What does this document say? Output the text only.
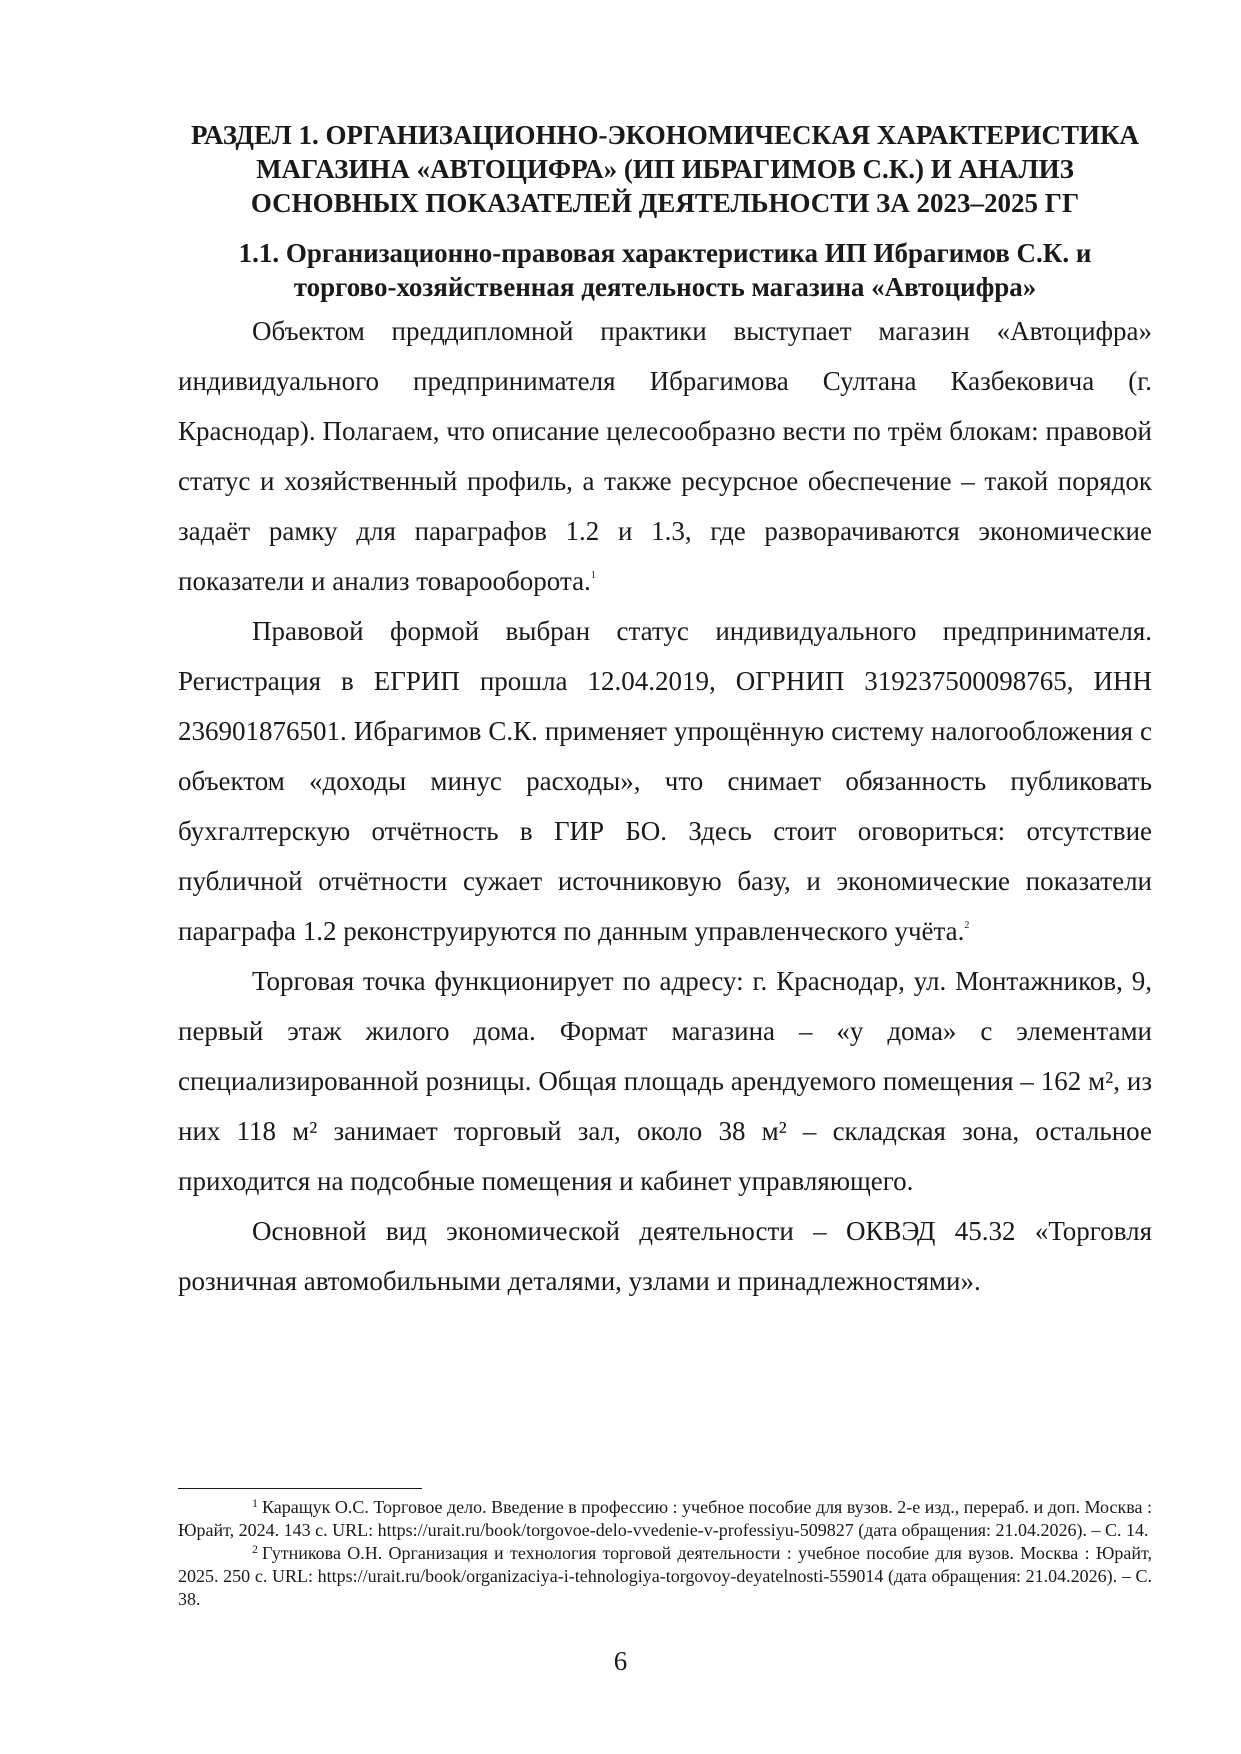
РАЗДЕЛ 1. ОРГАНИЗАЦИОННО-ЭКОНОМИЧЕСКАЯ ХАРАКТЕРИСТИКА МАГАЗИНА «АВТОЦИФРА» (ИП ИБРАГИМОВ С.К.) И АНАЛИЗ ОСНОВНЫХ ПОКАЗАТЕЛЕЙ ДЕЯТЕЛЬНОСТИ ЗА 2023–2025 ГГ
1.1. Организационно-правовая характеристика ИП Ибрагимов С.К. и торгово-хозяйственная деятельность магазина «Автоцифра»

Объектом преддипломной практики выступает магазин «Автоцифра» индивидуального предпринимателя Ибрагимова Султана Казбековича (г. Краснодар). Полагаем, что описание целесообразно вести по трём блокам: правовой статус и хозяйственный профиль, а также ресурсное обеспечение – такой порядок задаёт рамку для параграфов 1.2 и 1.3, где разворачиваются экономические показатели и анализ товарооборота.$^1$

Правовой формой выбран статус индивидуального предпринимателя. Регистрация в ЕГРИП прошла 12.04.2019, ОГРНИП 319237500098765, ИНН 236901876501. Ибрагимов С.К. применяет упрощённую систему налогообложения с объектом «доходы минус расходы», что снимает обязанность публиковать бухгалтерскую отчётность в ГИР БО. Здесь стоит оговориться: отсутствие публичной отчётности сужает источниковую базу, и экономические показатели параграфа 1.2 реконструируются по данным управленческого учёта.$^2$

Торговая точка функционирует по адресу: г. Краснодар, ул. Монтажников, 9, первый этаж жилого дома. Формат магазина – «у дома» с элементами специализированной розницы. Общая площадь арендуемого помещения – 162 м², из них 118 м² занимает торговый зал, около 38 м² – складская зона, остальное приходится на подсобные помещения и кабинет управляющего.

Основной вид экономической деятельности – ОКВЭД 45.32 «Торговля розничная автомобильными деталями, узлами и принадлежностями».

$^1$ Каращук О.С. Торговое дело. Введение в профессию : учебное пособие для вузов. 2-е изд., перераб. и доп. Москва : Юрайт, 2024. 143 с. URL: https://urait.ru/book/torgovoe-delo-vvedenie-v-professiyu-509827 (дата обращения: 21.04.2026). – С. 14.

$^2$ Гутникова О.Н. Организация и технология торговой деятельности : учебное пособие для вузов. Москва : Юрайт, 2025. 250 с. URL: https://urait.ru/book/organizaciya-i-tehnologiya-torgovoy-deyatelnosti-559014 (дата обращения: 21.04.2026). – С. 38.

6
